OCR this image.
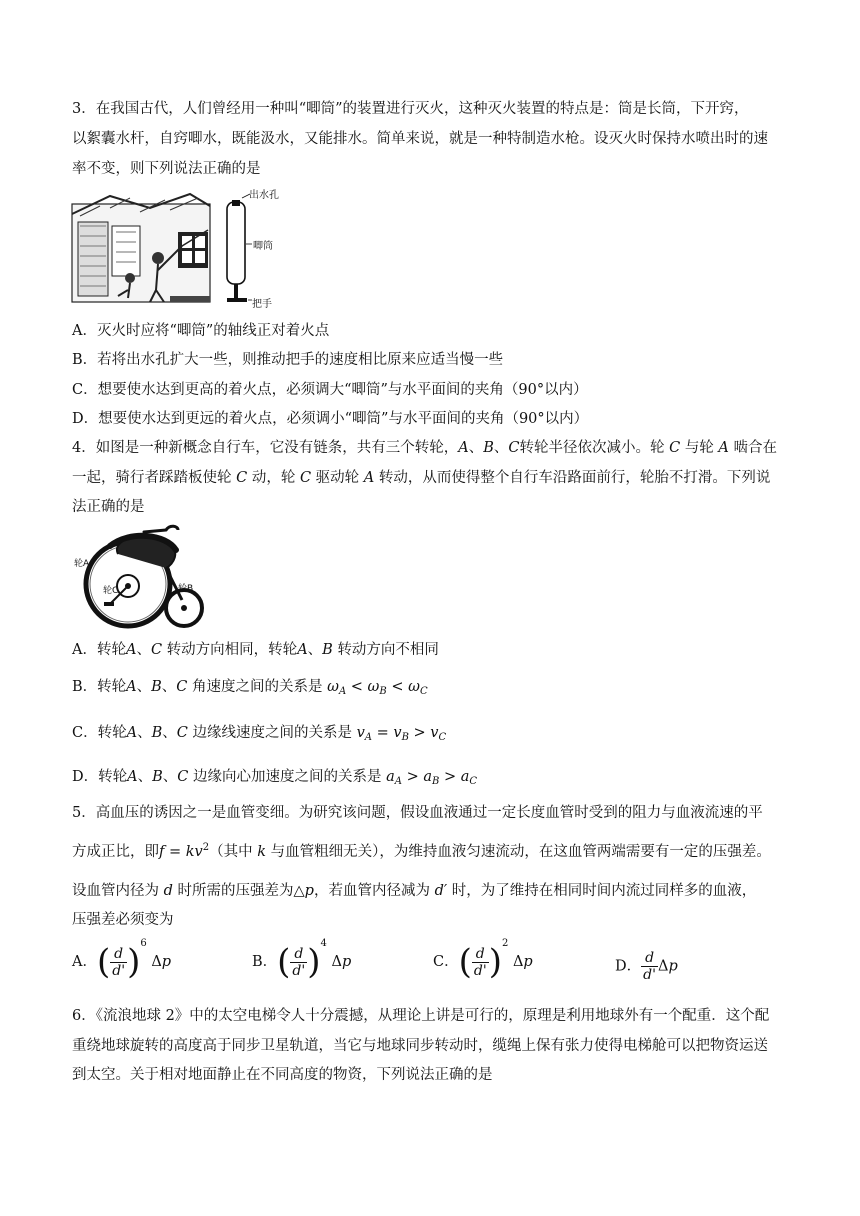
3．在我国古代，人们曾经用一种叫“唧筒”的装置进行灭火，这种灭火装置的特点是：筒是长筒，下开窍，
以絮囊水杆，自窍唧水，既能汲水，又能排水。简单来说，就是一种特制造水枪。设灭火时保持水喷出时的速
率不变，则下列说法正确的是
出水孔
唧筒
把手
A．灭火时应将“唧筒”的轴线正对着火点
B．若将出水孔扩大一些，则推动把手的速度相比原来应适当慢一些
C．想要使水达到更高的着火点，必须调大“唧筒”与水平面间的夹角（90°以内）
D．想要使水达到更远的着火点，必须调小“唧筒”与水平面间的夹角（90°以内）
4．如图是一种新概念自行车，它没有链条，共有三个转轮，A、B、C转轮半径依次减小。轮 C 与轮 A 啮合在
一起，骑行者踩踏板使轮 C 动，轮 C 驱动轮 A 转动，从而使得整个自行车沿路面前行，轮胎不打滑。下列说
法正确的是
轮A
轮C	轮B
A．转轮A、C 转动方向相同，转轮A、B 转动方向不相同
B．转轮A、B、C 角速度之间的关系是 $\omega_A < \omega_B < \omega_C$
C．转轮A、B、C 边缘线速度之间的关系是 $v_A = v_B > v_C$
D．转轮A、B、C 边缘向心加速度之间的关系是 $a_A > a_B > a_C$
5．高血压的诱因之一是血管变细。为研究该问题，假设血液通过一定长度血管时受到的阻力与血液流速的平
方成正比，即$f = kv^2$（其中 k 与血管粗细无关），为维持血液匀速流动，在这血管两端需要有一定的压强差。
设血管内径为 d 时所需的压强差为△p，若血管内径减为 d′ 时，为了维持在相同时间内流过同样多的血液，
压强差必须变为
A．( $\frac{d}{d'} )^6$ Δp	B．( $\frac{d}{d'} )^4$ Δp	C．( $\frac{d}{d'} )^2$ Δp	D． $\frac{d}{d'}$ Δp
6．《流浪地球 2》中的太空电梯令人十分震撼，从理论上讲是可行的，原理是利用地球外有一个配重．这个配
重绕地球旋转的高度高于同步卫星轨道，当它与地球同步转动时，缆绳上保有张力使得电梯舱可以把物资运送
到太空。关于相对地面静止在不同高度的物资，下列说法正确的是
